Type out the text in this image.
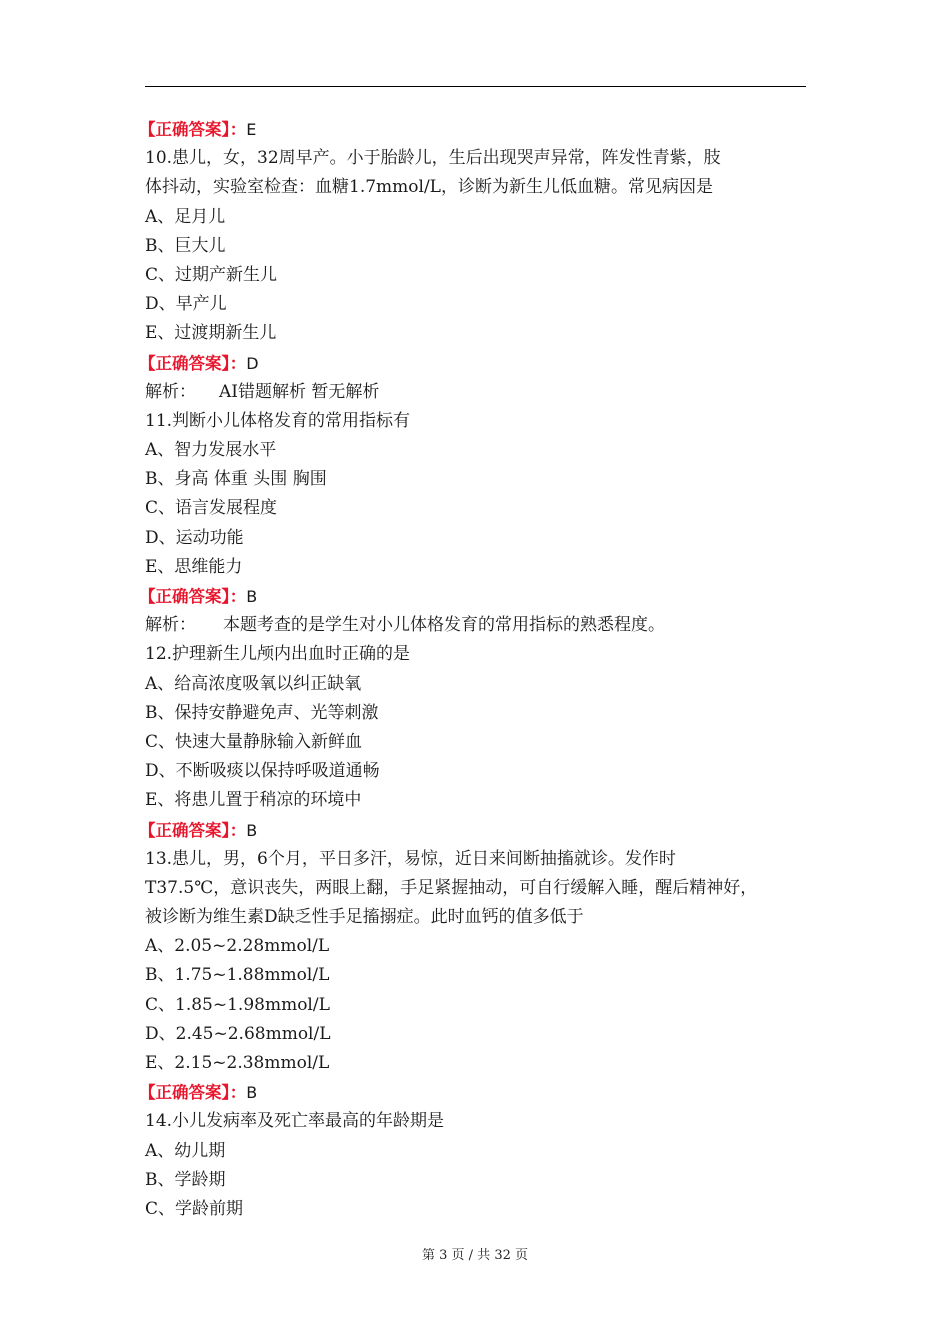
【正确答案】：E
10.患儿，女，32周早产。小于胎龄儿，生后出现哭声异常，阵发性青紫，肢
体抖动，实验室检查：血糖1.7mmol/L，诊断为新生儿低血糖。常见病因是
A、足月儿
B、巨大儿
C、过期产新生儿
D、早产儿
E、过渡期新生儿
【正确答案】：D
解析： AI错题解析 暂无解析
11.判断小儿体格发育的常用指标有
A、智力发展水平
B、身高 体重 头围 胸围
C、语言发展程度
D、运动功能
E、思维能力
【正确答案】：B
解析： 本题考查的是学生对小儿体格发育的常用指标的熟悉程度。
12.护理新生儿颅内出血时正确的是
A、给高浓度吸氧以纠正缺氧
B、保持安静避免声、光等刺激
C、快速大量静脉输入新鲜血
D、不断吸痰以保持呼吸道通畅
E、将患儿置于稍凉的环境中
【正确答案】：B
13.患儿，男，6个月，平日多汗，易惊，近日来间断抽搐就诊。发作时
T37.5℃，意识丧失，两眼上翻，手足紧握抽动，可自行缓解入睡，醒后精神好，
被诊断为维生素D缺乏性手足搐搦症。此时血钙的值多低于
A、2.05~2.28mmol/L
B、1.75~1.88mmol/L
C、1.85~1.98mmol/L
D、2.45~2.68mmol/L
E、2.15~2.38mmol/L
【正确答案】：B
14.小儿发病率及死亡率最高的年龄期是
A、幼儿期
B、学龄期
C、学龄前期
第 3 页 / 共 32 页
